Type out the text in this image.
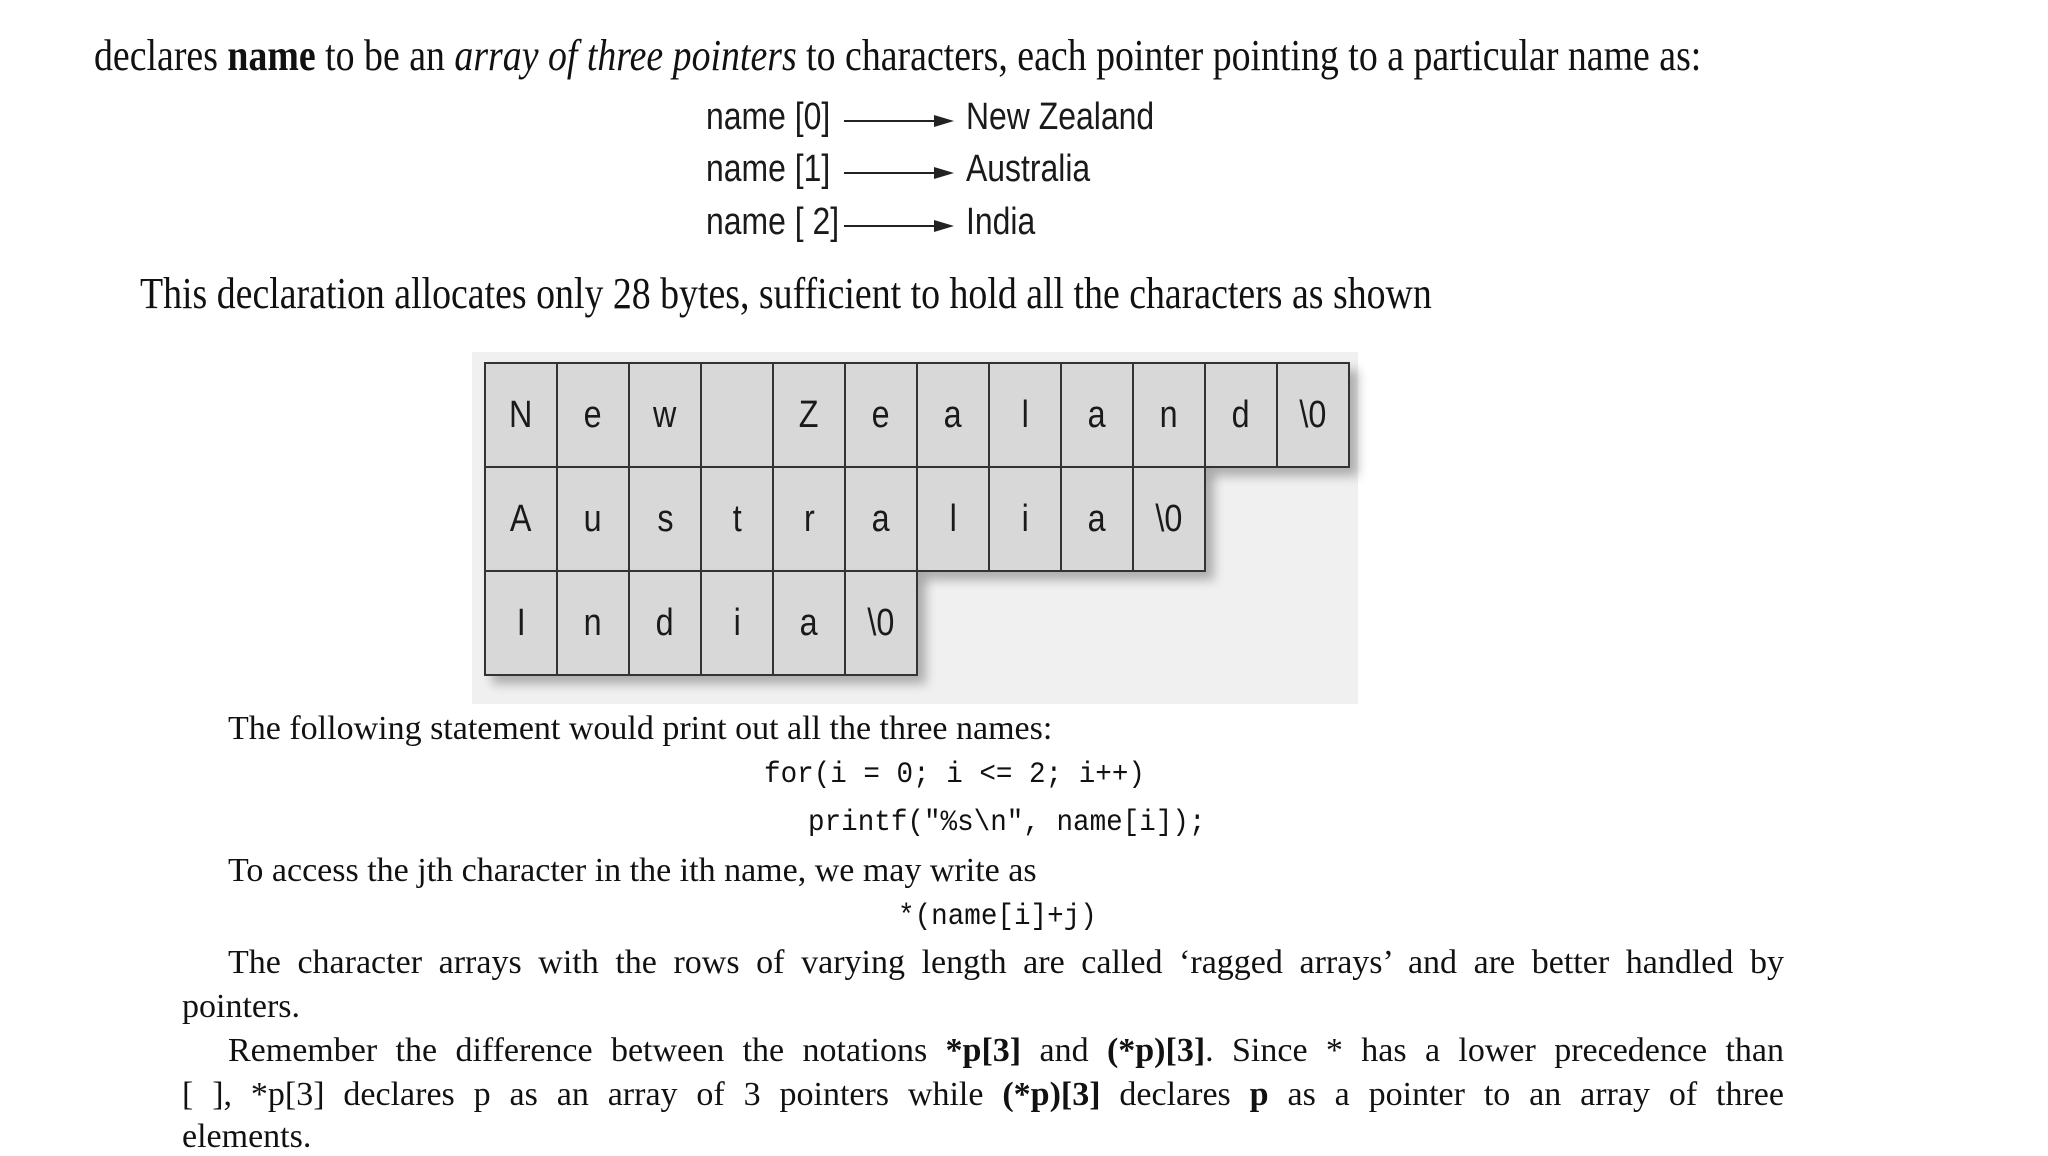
declares name to be an array of three pointers to characters, each pointer pointing to a particular name as:
name [0]	New Zealand
name [1]	Australia
name [ 2]	India
This declaration allocates only 28 bytes, sufficient to hold all the characters as shown
N e w	Z e a l a n d \0
A u s t r a l i a \0
I n d i a \0
The following statement would print out all the three names:
for(i = 0; i <= 2; i++)
printf("%s\n", name[i]);
To access the jth character in the ith name, we may write as
*(name[i]+j)
The character arrays with the rows of varying length are called ‘ragged arrays’ and are better handled by
pointers.
Remember the difference between the notations *p[3] and (*p)[3]. Since * has a lower precedence than
[ ], *p[3] declares p as an array of 3 pointers while (*p)[3] declares p as a pointer to an array of three
elements.
